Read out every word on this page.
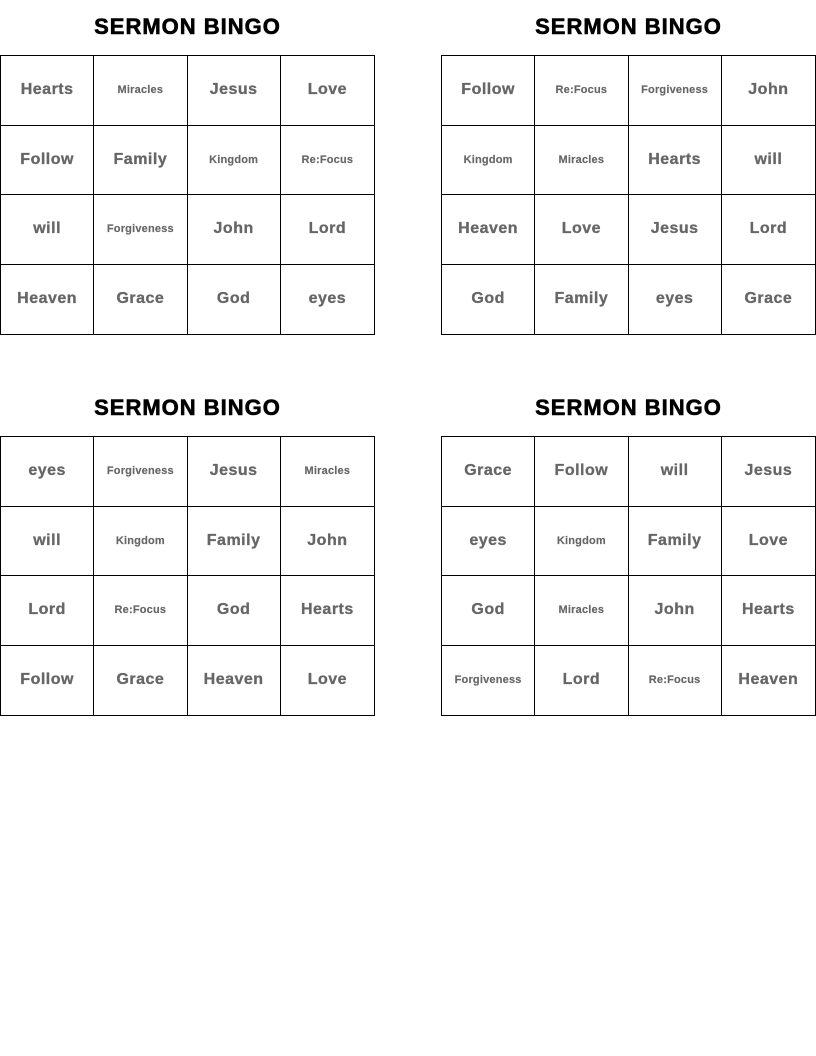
SERMON BINGO
Hearts	Miracles	Jesus	Love
Follow	Family	Kingdom	Re:Focus
will	Forgiveness	John	Lord
Heaven	Grace	God	eyes
SERMON BINGO
Follow	Re:Focus	Forgiveness	John
Kingdom	Miracles	Hearts	will
Heaven	Love	Jesus	Lord
God	Family	eyes	Grace
SERMON BINGO
eyes	Forgiveness	Jesus	Miracles
will	Kingdom	Family	John
Lord	Re:Focus	God	Hearts
Follow	Grace	Heaven	Love
SERMON BINGO
Grace	Follow	will	Jesus
eyes	Kingdom	Family	Love
God	Miracles	John	Hearts
Forgiveness	Lord	Re:Focus	Heaven
